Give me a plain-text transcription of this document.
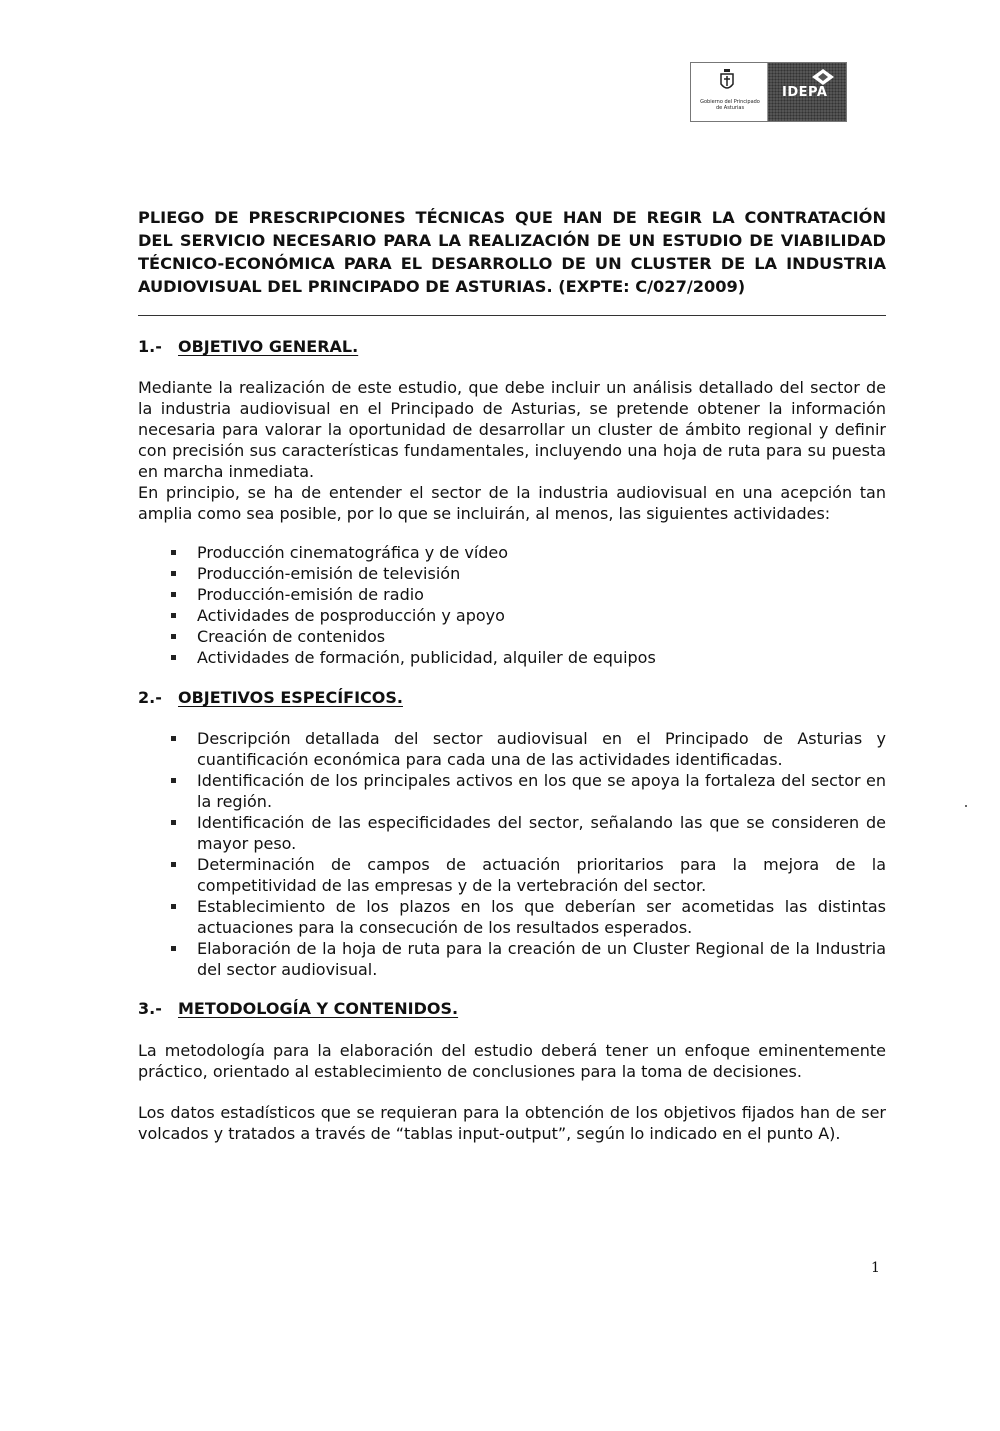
Gobierno del Principado de Asturias
IDEPA

PLIEGO DE PRESCRIPCIONES TÉCNICAS QUE HAN DE REGIR LA CONTRATACIÓN DEL SERVICIO NECESARIO PARA LA REALIZACIÓN DE UN ESTUDIO DE VIABILIDAD TÉCNICO-ECONÓMICA PARA EL DESARROLLO DE UN CLUSTER DE LA INDUSTRIA AUDIOVISUAL DEL PRINCIPADO DE ASTURIAS. (EXPTE: C/027/2009)

1.- OBJETIVO GENERAL.

Mediante la realización de este estudio, que debe incluir un análisis detallado del sector de la industria audiovisual en el Principado de Asturias, se pretende obtener la información necesaria para valorar la oportunidad de desarrollar un cluster de ámbito regional y definir con precisión sus características fundamentales, incluyendo una hoja de ruta para su puesta en marcha inmediata.

En principio, se ha de entender el sector de la industria audiovisual en una acepción tan amplia como sea posible, por lo que se incluirán, al menos, las siguientes actividades:

Producción cinematográfica y de vídeo
Producción-emisión de televisión
Producción-emisión de radio
Actividades de posproducción y apoyo
Creación de contenidos
Actividades de formación, publicidad, alquiler de equipos
2.- OBJETIVOS ESPECÍFICOS.
Descripción detallada del sector audiovisual en el Principado de Asturias y cuantificación económica para cada una de las actividades identificadas.
Identificación de los principales activos en los que se apoya la fortaleza del sector en la región.
Identificación de las especificidades del sector, señalando las que se consideren de mayor peso.
Determinación de campos de actuación prioritarios para la mejora de la competitividad de las empresas y de la vertebración del sector.
Establecimiento de los plazos en los que deberían ser acometidas las distintas actuaciones para la consecución de los resultados esperados.
Elaboración de la hoja de ruta para la creación de un Cluster Regional de la Industria del sector audiovisual.
3.- METODOLOGÍA Y CONTENIDOS.

La metodología para la elaboración del estudio deberá tener un enfoque eminentemente práctico, orientado al establecimiento de conclusiones para la toma de decisiones.

Los datos estadísticos que se requieran para la obtención de los objetivos fijados han de ser volcados y tratados a través de “tablas input-output”, según lo indicado en el punto A).

1
